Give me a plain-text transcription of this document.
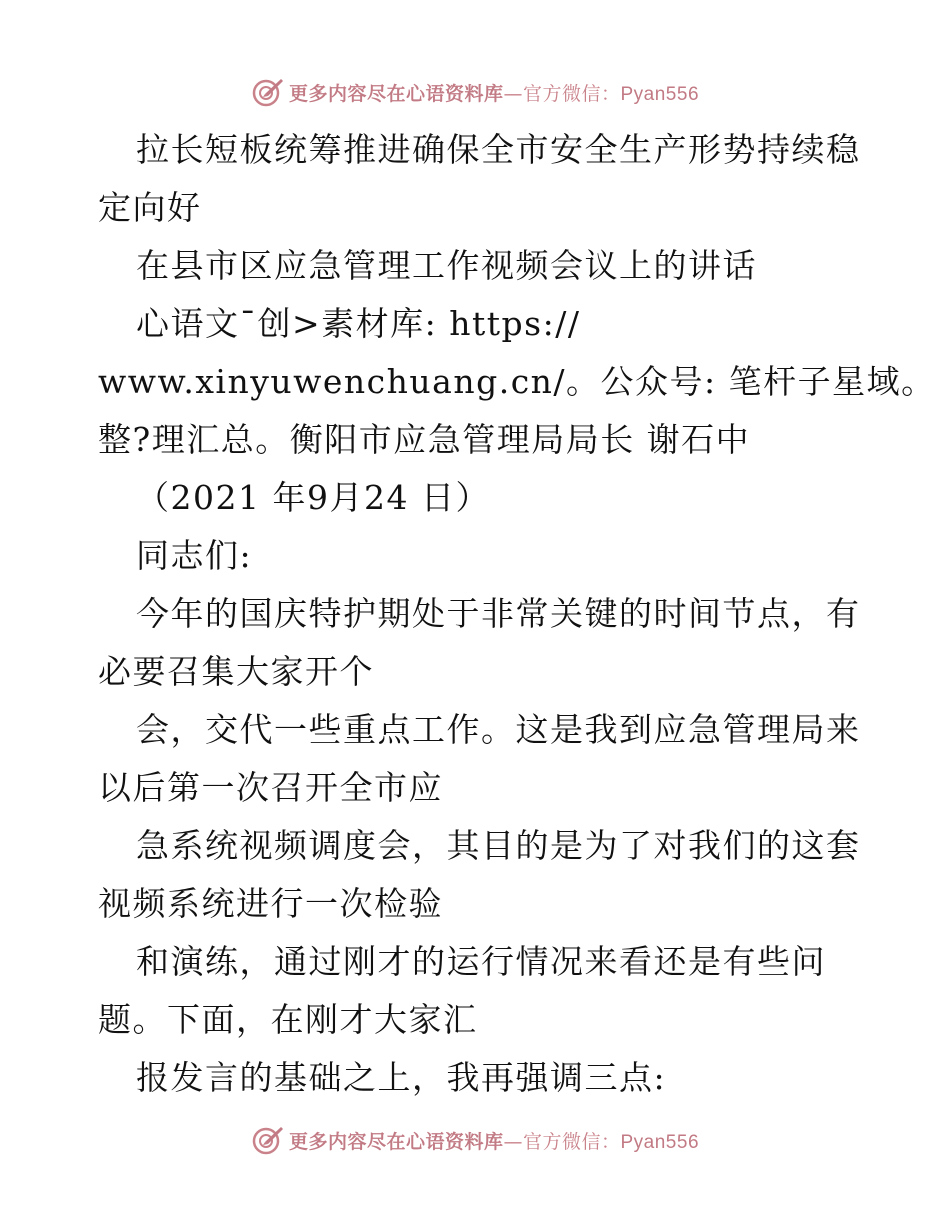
更多内容尽在心语资料库—官方微信：Pyan556

拉长短板统筹推进确保全市安全生产形势持续稳

定向好

在县市区应急管理工作视频会议上的讲话

心语文¯创>素材库: https://

www.xinyuwenchuang.cn/。公众号: 笔杆子星域。

整?理汇总。衡阳市应急管理局局长 谢石中

（2021 年9月24 日）

同志们:

今年的国庆特护期处于非常关键的时间节点，有

必要召集大家开个

会，交代一些重点工作。这是我到应急管理局来

以后第一次召开全市应

急系统视频调度会，其目的是为了对我们的这套

视频系统进行一次检验

和演练，通过刚才的运行情况来看还是有些问

题。下面，在刚才大家汇

报发言的基础之上，我再强调三点:

更多内容尽在心语资料库—官方微信：Pyan556
